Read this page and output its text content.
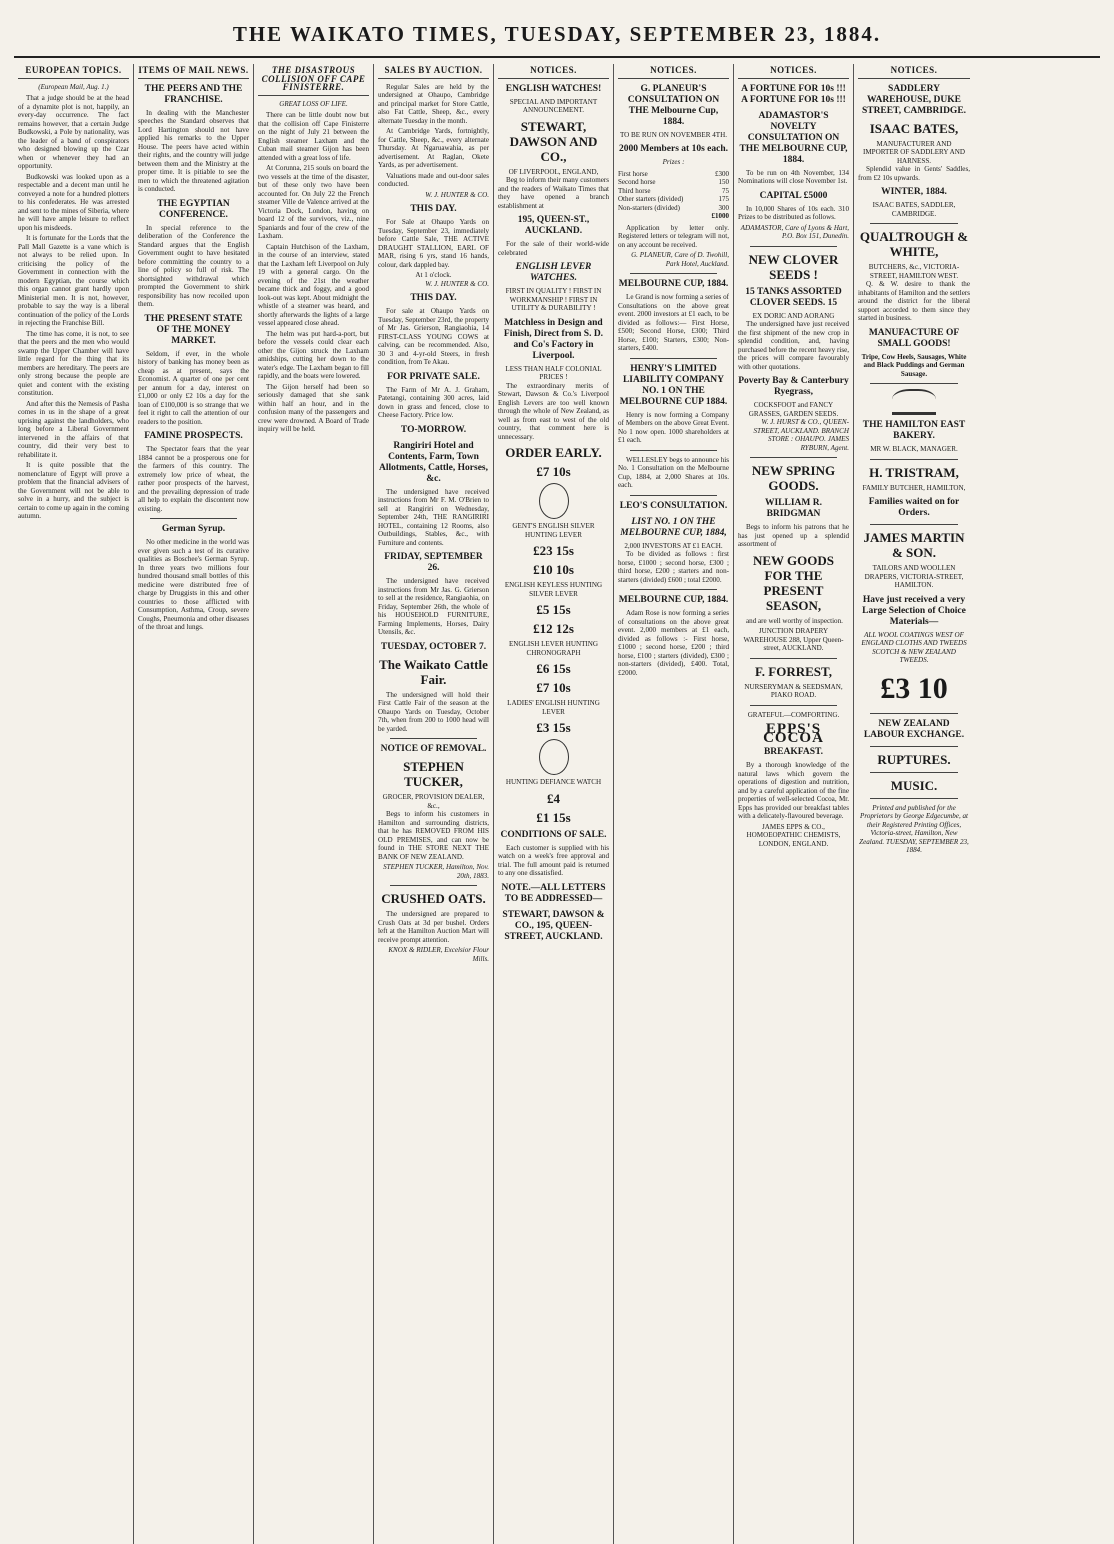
THE WAIKATO TIMES, TUESDAY, SEPTEMBER 23, 1884.
EUROPEAN TOPICS.
(European Mail, Aug. 1.)

That a judge should be at the head of a dynamite plot is not, happily, an every-day occurrence. The fact remains however, that a certain Judge Budkowski, a Pole by nationality, was the leader of a band of conspirators who designed blowing up the Czar when or whenever they had an opportunity.

Budkowski was looked upon as a respectable and a decent man until he conveyed a note for a hundred plotters to his confederates. He was arrested and sent to the mines of Siberia, where he will have ample leisure to reflect upon his misdeeds.

It is fortunate for the Lords that the Pall Mall Gazette is a vane which is not always to be relied upon. In criticising the policy of the Government in connection with the modern Egyptian, the course which this organ cannot grant hardly upon Ministerial men. It is not, however, probable to say the way is a liberal continuation of the policy of the Lords in rejecting the Franchise Bill.

The time has come, it is not, to see that the peers and the men who would swamp the Upper Chamber will have little regard for the thing that its members are hereditary. The peers are only strong because the people are quiet and content with the existing constitution.

And after this the Nemesis of Pasha comes in us in the shape of a great uprising against the landholders, who long before a Liberal Government intervened in the affairs of that country, did their very best to rehabilitate it.

It is quite possible that the nomenclature of Egypt will prove a problem that the financial advisers of the Government will not be able to solve in a hurry, and the subject is certain to come up again in the coming autumn.

ITEMS OF MAIL NEWS.
THE PEERS AND THE FRANCHISE.

In dealing with the Manchester speeches the Standard observes that Lord Hartington should not have applied his remarks to the Upper House. The peers have acted within their rights, and the country will judge between them and the Ministry at the proper time. It is pitiable to see the men to which the threatened agitation is conducted.

THE EGYPTIAN CONFERENCE.

In special reference to the deliberation of the Conference the Standard argues that the English Government ought to have hesitated before committing the country to a line of policy so full of risk. The shortsighted withdrawal which prompted the Government to shirk responsibility has now recoiled upon them.

THE PRESENT STATE OF THE MONEY MARKET.

Seldom, if ever, in the whole history of banking has money been as cheap as at present, says the Economist. A quarter of one per cent per annum for a day, interest on £1,000 or only £2 10s a day for the loan of £100,000 is so strange that we feel it right to call the attention of our readers to the position.

FAMINE PROSPECTS.

The Spectator fears that the year 1884 cannot be a prosperous one for the farmers of this country. The extremely low price of wheat, the rather poor prospects of the harvest, and the prevailing depression of trade all help to explain the discontent now existing.

German Syrup.

No other medicine in the world was ever given such a test of its curative qualities as Boschee's German Syrup. In three years two millions four hundred thousand small bottles of this medicine were distributed free of charge by Druggists in this and other countries to those afflicted with Consumption, Asthma, Croup, severe Coughs, Pneumonia and other diseases of the throat and lungs.

THE DISASTROUS COLLISION OFF CAPE FINISTERRE.
GREAT LOSS OF LIFE.

There can be little doubt now but that the collision off Cape Finisterre on the night of July 21 between the English steamer Laxham and the Cuban mail steamer Gijon has been attended with a great loss of life.

At Corunna, 215 souls on board the two vessels at the time of the disaster, but of these only two have been accounted for. On July 22 the French steamer Ville de Valence arrived at the Victoria Dock, London, having on board 12 of the survivors, viz., nine Spaniards and four of the crew of the Laxham.

Captain Hutchison of the Laxham, in the course of an interview, stated that the Laxham left Liverpool on July 19 with a general cargo. On the evening of the 21st the weather became thick and foggy, and a good look-out was kept. About midnight the whistle of a steamer was heard, and shortly afterwards the lights of a large vessel appeared close ahead.

The helm was put hard-a-port, but before the vessels could clear each other the Gijon struck the Laxham amidships, cutting her down to the water's edge. The Laxham began to fill rapidly, and the boats were lowered.

The Gijon herself had been so seriously damaged that she sank within half an hour, and in the confusion many of the passengers and crew were drowned. A Board of Trade inquiry will be held.

SALES BY AUCTION.

Regular Sales are held by the undersigned at Ohaupo, Cambridge and principal market for Store Cattle, also Fat Cattle, Sheep, &c., every alternate Tuesday in the month.

At Cambridge Yards, fortnightly, for Cattle, Sheep, &c., every alternate Thursday. At Ngaruawahia, as per advertisement. At Raglan, Okete Yards, as per advertisement.

Valuations made and out-door sales conducted.

W. J. HUNTER & CO.
THIS DAY.

For Sale at Ohaupo Yards on Tuesday, September 23, immediately before Cattle Sale, THE ACTIVE DRAUGHT STALLION, EARL OF MAR, rising 6 yrs, stand 16 hands, colour, dark dappled bay.

At 1 o'clock.
W. J. HUNTER & CO.
THIS DAY.

For sale at Ohaupo Yards on Tuesday, September 23rd, the property of Mr Jas. Grierson, Rangiaohia, 14 FIRST-CLASS YOUNG COWS at calving, can be recommended. Also, 30 3 and 4-yr-old Steers, in fresh condition, from Te Akau.

FOR PRIVATE SALE.

The Farm of Mr A. J. Graham, Patetangi, containing 300 acres, laid down in grass and fenced, close to Cheese Factory. Price low.

TO-MORROW.
Rangiriri Hotel and Contents, Farm, Town Allotments, Cattle, Horses, &c.

The undersigned have received instructions from Mr F. M. O'Brien to sell at Rangiriri on Wednesday, September 24th, THE RANGIRIRI HOTEL, containing 12 Rooms, also Outbuildings, Stables, &c., with Furniture and contents.

FRIDAY, SEPTEMBER 26.

The undersigned have received instructions from Mr Jas. G. Grierson to sell at the residence, Rangiaohia, on Friday, September 26th, the whole of his HOUSEHOLD FURNITURE, Farming Implements, Horses, Dairy Utensils, &c.

TUESDAY, OCTOBER 7.
The Waikato Cattle Fair.

The undersigned will hold their First Cattle Fair of the season at the Ohaupo Yards on Tuesday, October 7th, when from 200 to 1000 head will be yarded.

NOTICE OF REMOVAL.
STEPHEN TUCKER,
GROCER, PROVISION DEALER, &c.,

Begs to inform his customers in Hamilton and surrounding districts, that he has REMOVED FROM HIS OLD PREMISES, and can now be found in THE STORE NEXT THE BANK OF NEW ZEALAND.

STEPHEN TUCKER, Hamilton, Nov. 20th, 1883.
CRUSHED OATS.

The undersigned are prepared to Crush Oats at 3d per bushel. Orders left at the Hamilton Auction Mart will receive prompt attention.

KNOX & RIDLER, Excelsior Flour Mills.
NOTICES.
ENGLISH WATCHES!
SPECIAL AND IMPORTANT ANNOUNCEMENT.
STEWART, DAWSON AND CO.,
OF LIVERPOOL, ENGLAND,

Beg to inform their many customers and the readers of Waikato Times that they have opened a branch establishment at

195, QUEEN-ST., AUCKLAND.

For the sale of their world-wide celebrated

ENGLISH LEVER WATCHES.
FIRST IN QUALITY ! FIRST IN WORKMANSHIP ! FIRST IN UTILITY & DURABILITY !
Matchless in Design and Finish, Direct from S. D. and Co's Factory in Liverpool.
LESS THAN HALF COLONIAL PRICES !

The extraordinary merits of Stewart, Dawson & Co.'s Liverpool English Levers are too well known through the whole of New Zealand, as well as from east to west of the old country, that comment here is unnecessary.

ORDER EARLY.
£7 10s
GENT'S ENGLISH SILVER HUNTING LEVER
£23 15s
£10 10s
ENGLISH KEYLESS HUNTING SILVER LEVER
£5 15s
£12 12s
ENGLISH LEVER HUNTING CHRONOGRAPH
£6 15s
£7 10s
LADIES' ENGLISH HUNTING LEVER
£3 15s
HUNTING DEFIANCE WATCH
£4
£1 15s
CONDITIONS OF SALE.

Each customer is supplied with his watch on a week's free approval and trial. The full amount paid is returned to any one dissatisfied.

NOTE.—ALL LETTERS TO BE ADDRESSED—
STEWART, DAWSON & CO., 195, QUEEN-STREET, AUCKLAND.
NOTICES.
G. PLANEUR'S CONSULTATION ON THE Melbourne Cup, 1884.
TO BE RUN ON NOVEMBER 4TH.
2000 Members at 10s each.
Prizes :
First horse	£300
Second horse	150
Third horse	75
Other starters (divided)	175
Non-starters (divided)	300
	£1000

Application by letter only. Registered letters or telegram will not, on any account be received.

G. PLANEUR, Care of D. Twohill, Park Hotel, Auckland.
MELBOURNE CUP, 1884.

Le Grand is now forming a series of Consultations on the above great event. 2000 investors at £1 each, to be divided as follows:— First Horse, £500; Second Horse, £300; Third Horse, £100; Starters, £300; Non-starters, £400.

HENRY'S LIMITED LIABILITY COMPANY NO. 1 ON THE MELBOURNE CUP 1884.

Henry is now forming a Company of Members on the above Great Event. No 1 now open. 1000 shareholders at £1 each.

WELLESLEY begs to announce his No. 1 Consultation on the Melbourne Cup, 1884, at 2,000 Shares at 10s. each.

LEO'S CONSULTATION.
LIST NO. 1 ON THE MELBOURNE CUP, 1884,
2,000 INVESTORS AT £1 EACH.

To be divided as follows : first horse, £1000 ; second horse, £300 ; third horse, £200 ; starters and non-starters (divided) £600 ; total £2000.

MELBOURNE CUP, 1884.

Adam Rose is now forming a series of consultations on the above great event. 2,000 members at £1 each, divided as follows :- First horse, £1000 ; second horse, £200 ; third horse, £100 ; starters (divided), £300 ; non-starters (divided), £400. Total, £2000.

NOTICES.
A FORTUNE FOR 10s !!! A FORTUNE FOR 10s !!!
ADAMASTOR'S NOVELTY CONSULTATION ON THE MELBOURNE CUP, 1884.

To be run on 4th November, 134 Nominations will close November 1st.

CAPITAL £5000

In 10,000 Shares of 10s each. 310 Prizes to be distributed as follows.

ADAMASTOR, Care of Lyons & Hart, P.O. Box 151, Dunedin.
NEW CLOVER SEEDS !
15 TANKS ASSORTED CLOVER SEEDS. 15
EX DORIC AND AORANG

The undersigned have just received the first shipment of the new crop in splendid condition, and, having purchased before the recent heavy rise, the prices will compare favourably with other quotations.

Poverty Bay & Canterbury Ryegrass,
COCKSFOOT and FANCY GRASSES, GARDEN SEEDS.
W. J. HURST & CO., QUEEN-STREET, AUCKLAND. BRANCH STORE : OHAUPO. JAMES RYBURN, Agent.
NEW SPRING GOODS.
WILLIAM R. BRIDGMAN

Begs to inform his patrons that he has just opened up a splendid assortment of

NEW GOODS FOR THE PRESENT SEASON,

and are well worthy of inspection.

JUNCTION DRAPERY WAREHOUSE 288, Upper Queen-street, AUCKLAND.
F. FORREST,
NURSERYMAN & SEEDSMAN, PIAKO ROAD.
GRATEFUL—COMFORTING.
EPPS'S COCOA
BREAKFAST.

By a thorough knowledge of the natural laws which govern the operations of digestion and nutrition, and by a careful application of the fine properties of well-selected Cocoa, Mr. Epps has provided our breakfast tables with a delicately-flavoured beverage.

JAMES EPPS & CO., HOMOEOPATHIC CHEMISTS, LONDON, ENGLAND.
NOTICES.
SADDLERY WAREHOUSE, DUKE STREET, CAMBRIDGE.
ISAAC BATES,
MANUFACTURER AND IMPORTER OF SADDLERY AND HARNESS.

Splendid value in Gents' Saddles, from £2 10s upwards.

WINTER, 1884.
ISAAC BATES, SADDLER, CAMBRIDGE.
QUALTROUGH & WHITE,
BUTCHERS, &c., VICTORIA-STREET, HAMILTON WEST.

Q. & W. desire to thank the inhabitants of Hamilton and the settlers around the district for the liberal support accorded to them since they started in business.

MANUFACTURE OF SMALL GOODS!
Tripe, Cow Heels, Sausages, White and Black Puddings and German Sausage.
THE HAMILTON EAST BAKERY.
MR W. BLACK, MANAGER.
H. TRISTRAM,
FAMILY BUTCHER, HAMILTON,
Families waited on for Orders.
JAMES MARTIN & SON.
TAILORS AND WOOLLEN DRAPERS, VICTORIA-STREET, HAMILTON.
Have just received a very Large Selection of Choice Materials—
ALL WOOL COATINGS WEST OF ENGLAND CLOTHS AND TWEEDS SCOTCH & NEW ZEALAND TWEEDS.
£3 10
NEW ZEALAND LABOUR EXCHANGE.
RUPTURES.
MUSIC.
Printed and published for the Proprietors by George Edgecumbe, at their Registered Printing Offices, Victoria-street, Hamilton, New Zealand. TUESDAY, SEPTEMBER 23, 1884.
